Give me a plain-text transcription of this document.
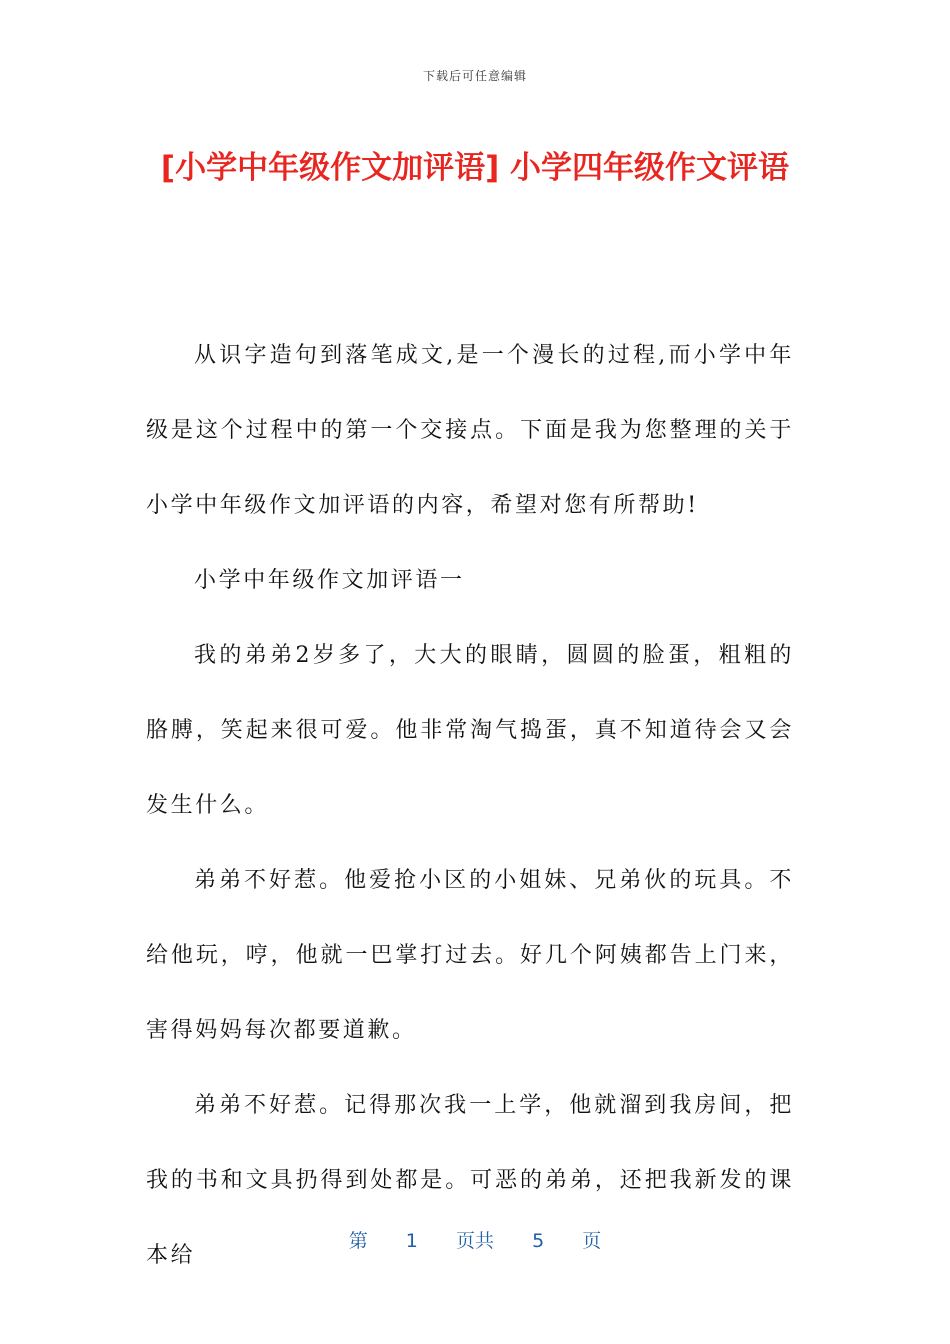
下载后可任意编辑
[小学中年级作文加评语] 小学四年级作文评语

从识字造句到落笔成文,是一个漫长的过程,而小学中年级是这个过程中的第一个交接点。下面是我为您整理的关于小学中年级作文加评语的内容，希望对您有所帮助!

小学中年级作文加评语一

我的弟弟2岁多了，大大的眼睛，圆圆的脸蛋，粗粗的胳膊，笑起来很可爱。他非常淘气捣蛋，真不知道待会又会发生什么。

弟弟不好惹。他爱抢小区的小姐妹、兄弟伙的玩具。不给他玩，哼，他就一巴掌打过去。好几个阿姨都告上门来，害得妈妈每次都要道歉。

弟弟不好惹。记得那次我一上学，他就溜到我房间，把我的书和文具扔得到处都是。可恶的弟弟，还把我新发的课本给

第 1 页共 5 页
